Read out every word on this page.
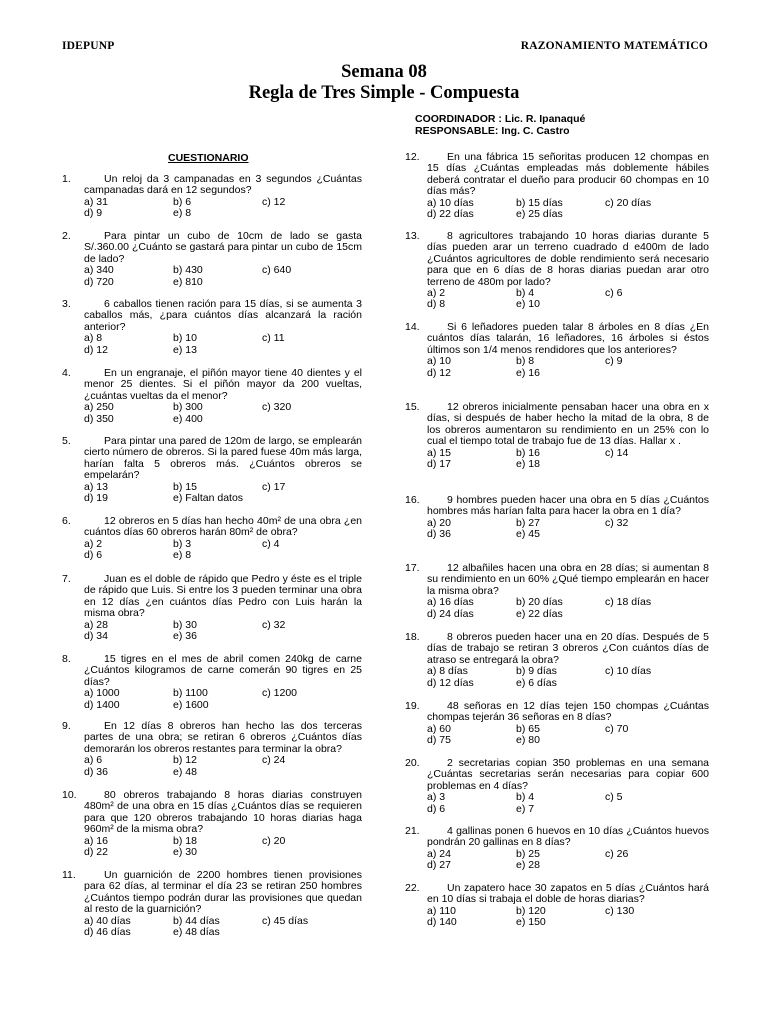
IDEPUNP	RAZONAMIENTO MATEMÁTICO
Semana 08
Regla de Tres Simple - Compuesta
COORDINADOR : Lic. R. Ipanaqué
RESPONSABLE: Ing. C. Castro
CUESTIONARIO
1.	Un reloj da 3 campanadas en 3 segundos ¿Cuántas campanadas dará en 12 segundos?
a) 31	b) 6	c) 12
d) 9	e) 8
2.	Para pintar un cubo de 10cm de lado se gasta S/.360.00 ¿Cuánto se gastará para pintar un cubo de 15cm de lado?
a) 340	b) 430	c) 640
d) 720	e) 810
3.	6 caballos tienen ración para 15 días, si se aumenta 3 caballos más, ¿para cuántos días alcanzará la ración anterior?
a) 8	b) 10	c) 11
d) 12	e) 13
4.	En un engranaje, el piñón mayor tiene 40 dientes y el menor 25 dientes. Si el piñón mayor da 200 vueltas, ¿cuántas vueltas da el menor?
a) 250	b) 300	c) 320
d) 350	e) 400
5.	Para pintar una pared de 120m de largo, se emplearán cierto número de obreros. Si la pared fuese 40m más larga, harían falta 5 obreros más. ¿Cuántos obreros se empelarán?
a) 13	b) 15	c) 17
d) 19	e) Faltan datos
6.	12 obreros en 5 días han hecho 40m² de una obra ¿en cuántos días 60 obreros harán 80m² de obra?
a) 2	b) 3	c) 4
d) 6	e) 8
7.	Juan es el doble de rápido que Pedro y éste es el triple de rápido que Luis. Si entre los 3 pueden terminar una obra en 12 días ¿en cuántos días Pedro con Luis harán la misma obra?
a) 28	b) 30	c) 32
d) 34	e) 36
8.	15 tigres en el mes de abril comen 240kg de carne ¿Cuántos kilogramos de carne comerán 90 tigres en 25 días?
a) 1000	b) 1100	c) 1200
d) 1400	e) 1600
9.	En 12 días 8 obreros han hecho las dos terceras partes de una obra; se retiran 6 obreros ¿Cuántos días demorarán los obreros restantes para terminar la obra?
a) 6	b) 12	c) 24
d) 36	e) 48
10.	80 obreros trabajando 8 horas diarias construyen 480m² de una obra en 15 días ¿Cuántos días se requieren para que 120 obreros trabajando 10 horas diarias haga 960m² de la misma obra?
a) 16	b) 18	c) 20
d) 22	e) 30
11.	Un guarnición de 2200 hombres tienen provisiones para 62 días, al terminar el día 23 se retiran 250 hombres ¿Cuántos tiempo podrán durar las provisiones que quedan al resto de la guarnición?
a) 40 días	b) 44 días	c) 45 días
d) 46 días	e) 48 días
12.	En una fábrica 15 señoritas producen 12 chompas en 15 días ¿Cuántas empleadas más doblemente hábiles deberá contratar el dueño para producir 60 chompas en 10 días más?
a) 10 días	b) 15 días	c) 20 días
d) 22 días	e) 25 días
13.	8 agricultores trabajando 10 horas diarias durante 5 días pueden arar un terreno cuadrado d e400m de lado ¿Cuántos agricultores de doble rendimiento será necesario para que en 6 días de 8 horas diarias puedan arar otro terreno de 480m por lado?
a) 2	b) 4	c) 6
d) 8	e) 10
14.	Si 6 leñadores pueden talar 8 árboles en 8 días ¿En cuántos días talarán, 16 leñadores, 16 árboles si éstos últimos son 1/4 menos rendidores que los anteriores?
a) 10	b) 8	c) 9
d) 12	e) 16
15.	12 obreros inicialmente pensaban hacer una obra en x días, si después de haber hecho la mitad de la obra, 8 de los obreros aumentaron su rendimiento en un 25% con lo cual el tiempo total de trabajo fue de 13 días. Hallar x .
a) 15	b) 16	c) 14
d) 17	e) 18
16.	9 hombres pueden hacer una obra en 5 días ¿Cuántos hombres más harían falta para hacer la obra en 1 día?
a) 20	b) 27	c) 32
d) 36	e) 45
17.	12 albañiles hacen una obra en 28 días; si aumentan 8 su rendimiento en un 60% ¿Qué tiempo emplearán en hacer la misma obra?
a) 16 días	b) 20 días	c) 18 días
d) 24 días	e) 22 días
18.	8 obreros pueden hacer una en 20 días. Después de 5 días de trabajo se retiran 3 obreros ¿Con cuántos días de atraso se entregará la obra?
a) 8 días	b) 9 días	c) 10 días
d) 12 días	e) 6 días
19.	48 señoras en 12 días tejen 150 chompas ¿Cuántas chompas tejerán 36 señoras en 8 días?
a) 60	b) 65	c) 70
d) 75	e) 80
20.	2 secretarias copian 350 problemas en una semana ¿Cuántas secretarias serán necesarias para copiar 600 problemas en 4 días?
a) 3	b) 4	c) 5
d) 6	e) 7
21.	4 gallinas ponen 6 huevos en 10 días ¿Cuántos huevos pondrán 20 gallinas en 8 días?
a) 24	b) 25	c) 26
d) 27	e) 28
22.	Un zapatero hace 30 zapatos en 5 días ¿Cuántos hará en 10 días si trabaja el doble de horas diarias?
a) 110	b) 120	c) 130
d) 140	e) 150
